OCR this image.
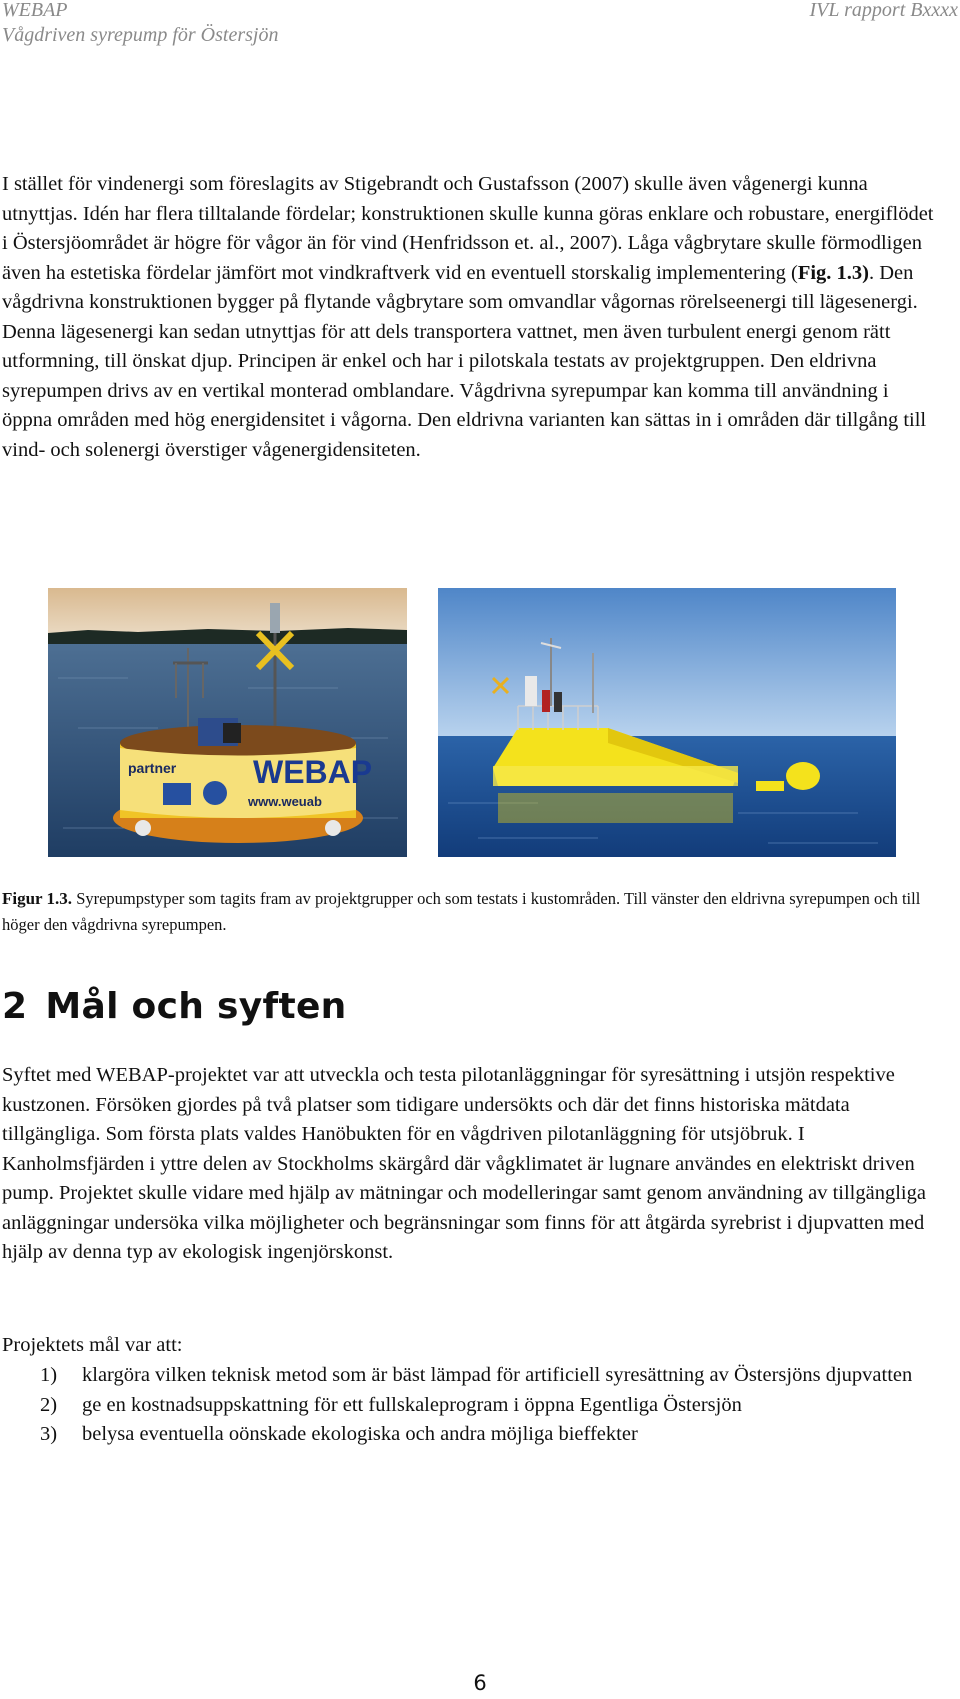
WEBAP
Vågdriven syrepump för Östersjön
IVL rapport Bxxxx
I stället för vindenergi som föreslagits av Stigebrandt och Gustafsson (2007) skulle även vågenergi kunna utnyttjas. Idén har flera tilltalande fördelar; konstruktionen skulle kunna göras enklare och robustare, energiflödet i Östersjöområdet är högre för vågor än för vind (Henfridsson et. al., 2007). Låga vågbrytare skulle förmodligen även ha estetiska fördelar jämfört mot vindkraftverk vid en eventuell storskalig implementering (Fig. 1.3). Den vågdrivna konstruktionen bygger på flytande vågbrytare som omvandlar vågornas rörelseenergi till lägesenergi. Denna lägesenergi kan sedan utnyttjas för att dels transportera vattnet, men även turbulent energi genom rätt utformning, till önskat djup. Principen är enkel och har i pilotskala testats av projektgruppen. Den eldrivna syrepumpen drivs av en vertikal monterad omblandare. Vågdrivna syrepumpar kan komma till användning i öppna områden med hög energidensitet i vågorna. Den eldrivna varianten kan sättas in i områden där tillgång till vind- och solenergi överstiger vågenergidensiteten.
partner WEBAP
www.weuab
Figur 1.3. Syrepumpstyper som tagits fram av projektgrupper och som testats i kustområden. Till vänster den eldrivna syrepumpen och till höger den vågdrivna syrepumpen.
2 Mål och syften
Syftet med WEBAP-projektet var att utveckla och testa pilotanläggningar för syresättning i utsjön respektive kustzonen. Försöken gjordes på två platser som tidigare undersökts och där det finns historiska mätdata tillgängliga. Som första plats valdes Hanöbukten för en vågdriven pilotanläggning för utsjöbruk. I Kanholmsfjärden i yttre delen av Stockholms skärgård där vågklimatet är lugnare användes en elektriskt driven pump. Projektet skulle vidare med hjälp av mätningar och modelleringar samt genom användning av tillgängliga anläggningar undersöka vilka möjligheter och begränsningar som finns för att åtgärda syrebrist i djupvatten med hjälp av denna typ av ekologisk ingenjörskonst.
Projektets mål var att:
1)	klargöra vilken teknisk metod som är bäst lämpad för artificiell syresättning av Östersjöns djupvatten
2)	ge en kostnadsuppskattning för ett fullskaleprogram i öppna Egentliga Östersjön
3)	belysa eventuella oönskade ekologiska och andra möjliga bieffekter
6
